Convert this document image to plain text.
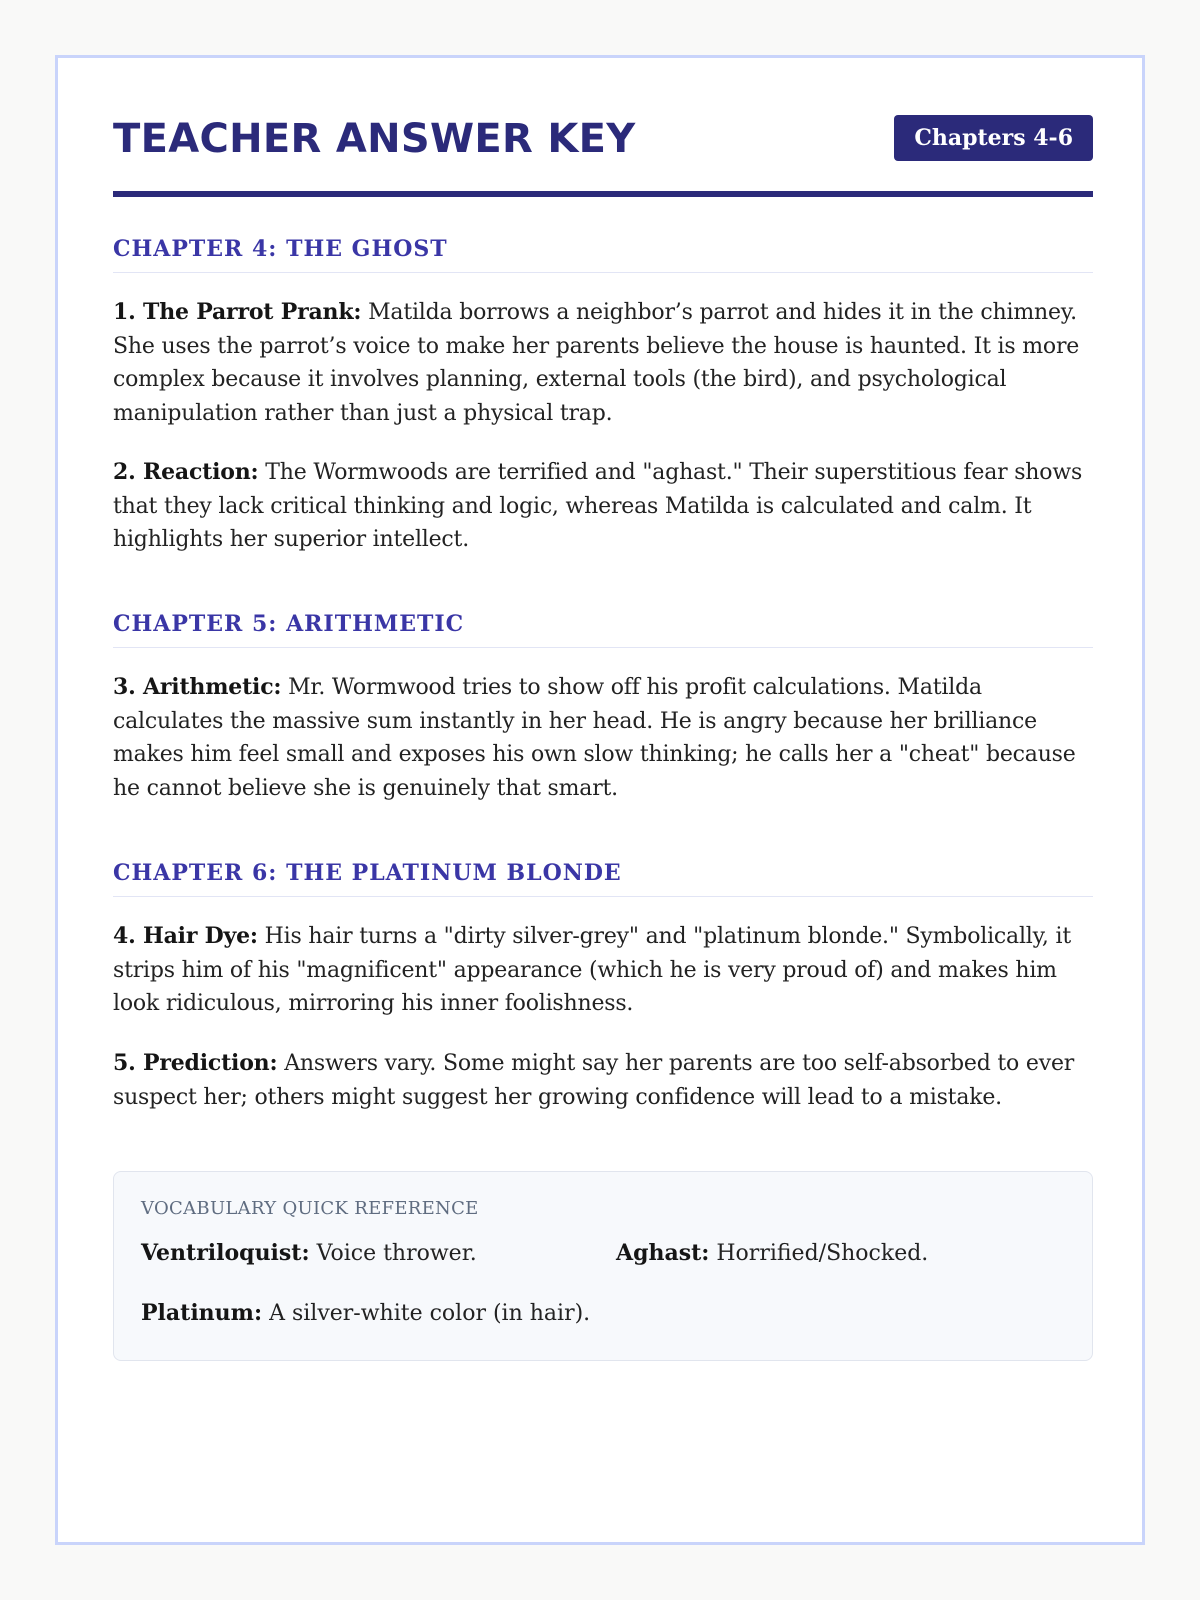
TEACHER ANSWER KEY	Chapters 4-6
CHAPTER 4: THE GHOST

1. The Parrot Prank: Matilda borrows a neighbor’s parrot and hides it in the chimney. She uses the parrot’s voice to make her parents believe the house is haunted. It is more complex because it involves planning, external tools (the bird), and psychological manipulation rather than just a physical trap.

2. Reaction: The Wormwoods are terrified and "aghast." Their superstitious fear shows that they lack critical thinking and logic, whereas Matilda is calculated and calm. It highlights her superior intellect.

CHAPTER 5: ARITHMETIC

3. Arithmetic: Mr. Wormwood tries to show off his profit calculations. Matilda calculates the massive sum instantly in her head. He is angry because her brilliance makes him feel small and exposes his own slow thinking; he calls her a "cheat" because he cannot believe she is genuinely that smart.

CHAPTER 6: THE PLATINUM BLONDE

4. Hair Dye: His hair turns a "dirty silver-grey" and "platinum blonde." Symbolically, it strips him of his "magnificent" appearance (which he is very proud of) and makes him look ridiculous, mirroring his inner foolishness.

5. Prediction: Answers vary. Some might say her parents are too self-absorbed to ever suspect her; others might suggest her growing confidence will lead to a mistake.

VOCABULARY QUICK REFERENCE

Ventriloquist: Voice thrower.	Aghast: Horrified/Shocked.
Platinum: A silver-white color (in hair).
